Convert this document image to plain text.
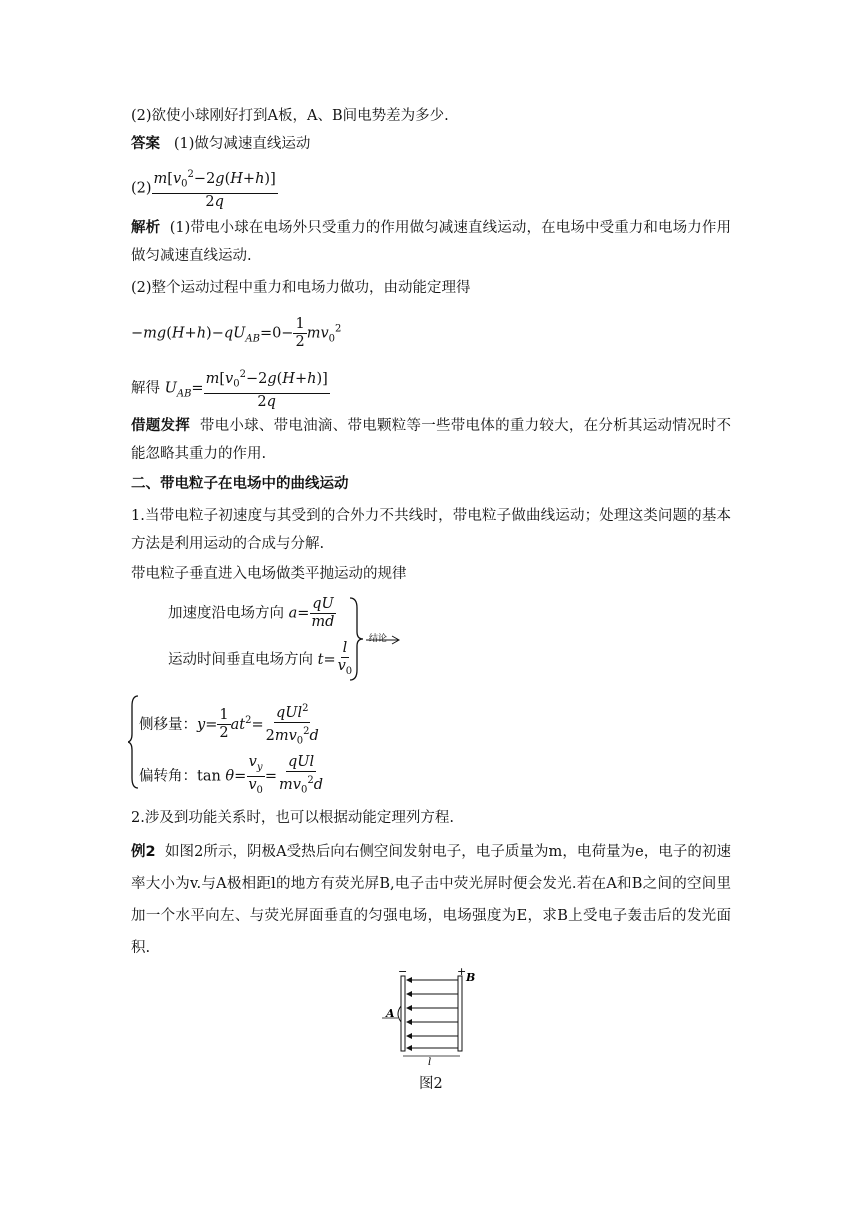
(2)欲使小球刚好打到A板，A、B间电势差为多少.
答案 (1)做匀减速直线运动
$(2) \frac{m[v_0^2-2g(H+h)]}{2q}$
解析 (1)带电小球在电场外只受重力的作用做匀减速直线运动，在电场中受重力和电场力作用做匀减速直线运动.
(2)整个运动过程中重力和电场力做功，由动能定理得
$-mg(H+h)-qU_{AB}=0- \frac{1}{2} mv_0^2$
解得 $U_{AB}= \frac{m[v_0^2-2g(H+h)]}{2q}$
借题发挥 带电小球、带电油滴、带电颗粒等一些带电体的重力较大，在分析其运动情况时不能忽略其重力的作用.
二、带电粒子在电场中的曲线运动
1.当带电粒子初速度与其受到的合外力不共线时，带电粒子做曲线运动；处理这类问题的基本方法是利用运动的合成与分解.
带电粒子垂直进入电场做类平抛运动的规律
加速度沿电场方向 $a= \frac{qU}{md}$
运动时间垂直电场方向 $t= \frac{l}{v_0}$
结论
侧移量：$y= \frac{1}{2} at^2= \frac{qUl^2}{2mv_0^2d}$
偏转角：$\tan \theta= \frac{v_y}{v_0} = \frac{\text{qUl}}{mv_0^2d}$
2.涉及到功能关系时，也可以根据动能定理列方程.
例2 如图2所示，阴极A受热后向右侧空间发射电子，电子质量为m，电荷量为e，电子的初速率大小为v.与A极相距l的地方有荧光屏B,电子击中荧光屏时便会发光.若在A和B之间的空间里加一个水平向左、与荧光屏面垂直的匀强电场，电场强度为E，求B上受电子轰击后的发光面积.
−	+ B
A
l
图2
